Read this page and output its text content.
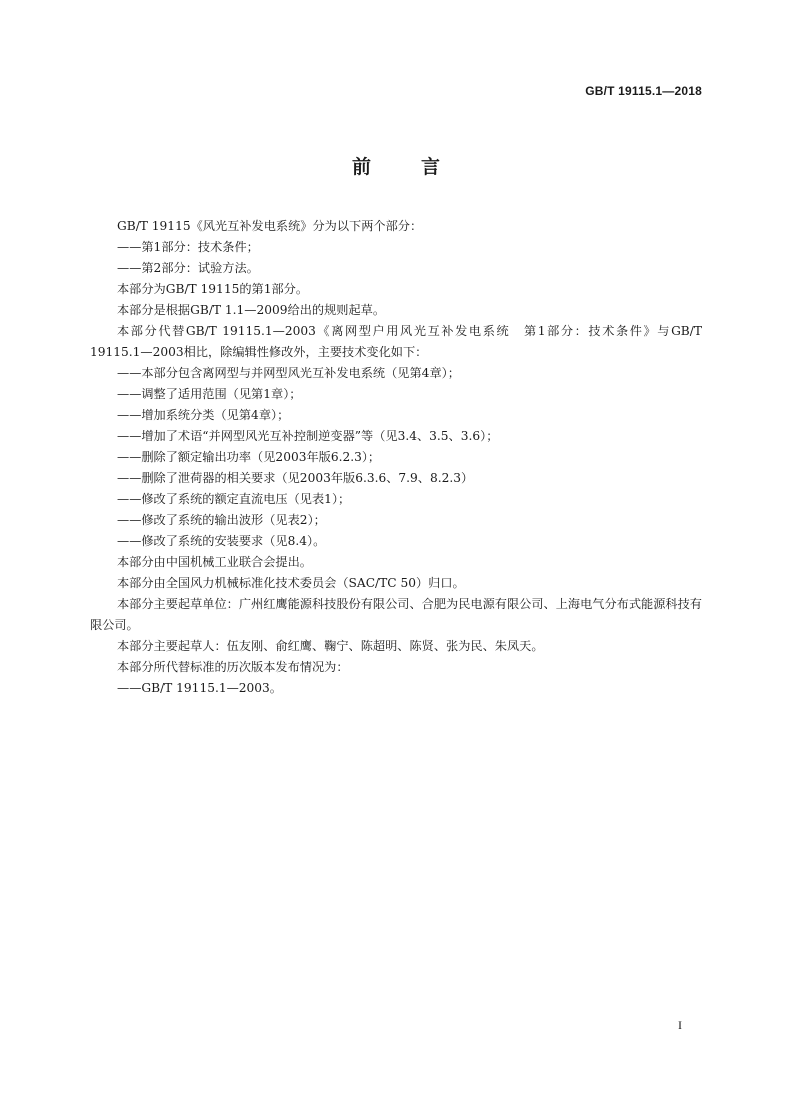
GB/T 19115.1—2018
前言

GB/T 19115《风光互补发电系统》分为以下两个部分：

——第1部分：技术条件；

——第2部分：试验方法。

本部分为GB/T 19115的第1部分。

本部分是根据GB/T 1.1—2009给出的规则起草。

本部分代替GB/T 19115.1—2003《离网型户用风光互补发电系统　第1部分：技术条件》与GB/T 19115.1—2003相比，除编辑性修改外，主要技术变化如下：

——本部分包含离网型与并网型风光互补发电系统（见第4章）；

——调整了适用范围（见第1章）；

——增加系统分类（见第4章）；

——增加了术语“并网型风光互补控制逆变器”等（见3.4、3.5、3.6）；

——删除了额定输出功率（见2003年版6.2.3）；

——删除了泄荷器的相关要求（见2003年版6.3.6、7.9、8.2.3）

——修改了系统的额定直流电压（见表1）；

——修改了系统的输出波形（见表2）；

——修改了系统的安装要求（见8.4）。

本部分由中国机械工业联合会提出。

本部分由全国风力机械标准化技术委员会（SAC/TC 50）归口。

本部分主要起草单位：广州红鹰能源科技股份有限公司、合肥为民电源有限公司、上海电气分布式能源科技有限公司。

本部分主要起草人：伍友刚、俞红鹰、鞠宁、陈超明、陈贤、张为民、朱凤天。

本部分所代替标准的历次版本发布情况为：

——GB/T 19115.1—2003。

I
